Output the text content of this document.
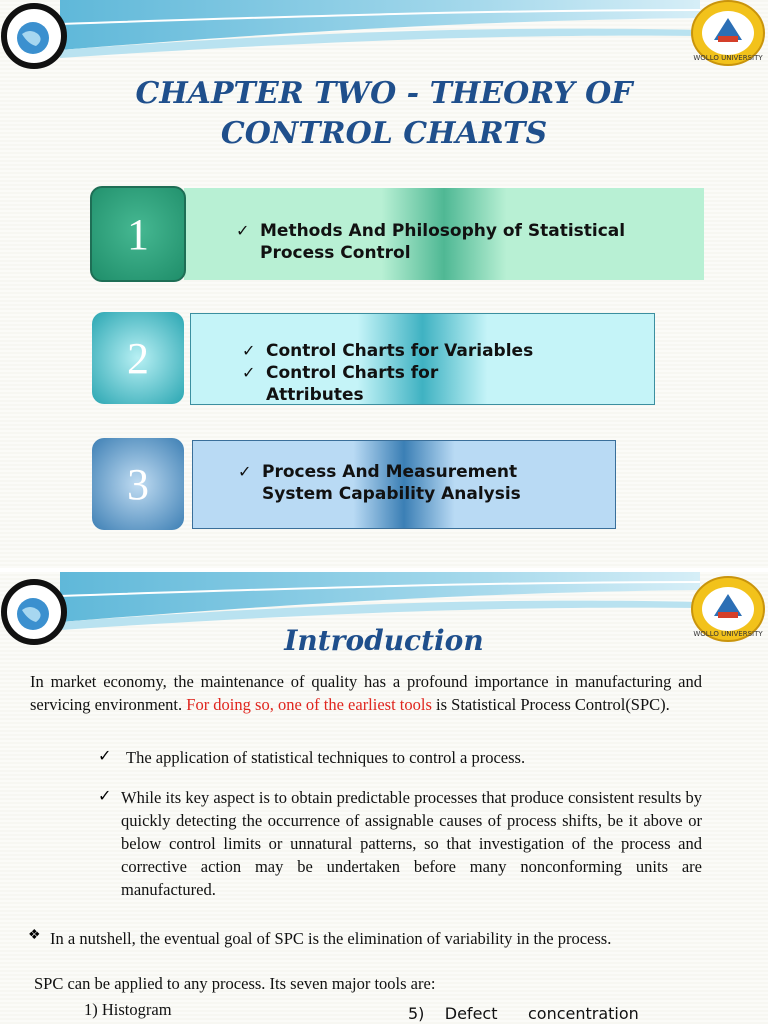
WOLLO UNIVERSITY
CHAPTER TWO - THEORY OF
CONTROL CHARTS
1	✓ Methods And Philosophy of Statistical
Process Control
2	✓ Control Charts for Variables
✓ Control Charts for
Attributes
3	✓ Process And Measurement
System Capability Analysis
WOLLO UNIVERSITY
Introduction
In market economy, the maintenance of quality has a profound importance in manufacturing and servicing environment. For doing so, one of the earliest tools is Statistical Process Control(SPC).
✓ The application of statistical techniques to control a process.
✓ While its key aspect is to obtain predictable processes that produce consistent results by quickly detecting the occurrence of assignable causes of process shifts, be it above or below control limits or unnatural patterns, so that investigation of the process and corrective action may be undertaken before many nonconforming units are manufactured.
❖ In a nutshell, the eventual goal of SPC is the elimination of variability in the process.
SPC can be applied to any process. Its seven major tools are:
1) Histogram	5)    Defect      concentration
